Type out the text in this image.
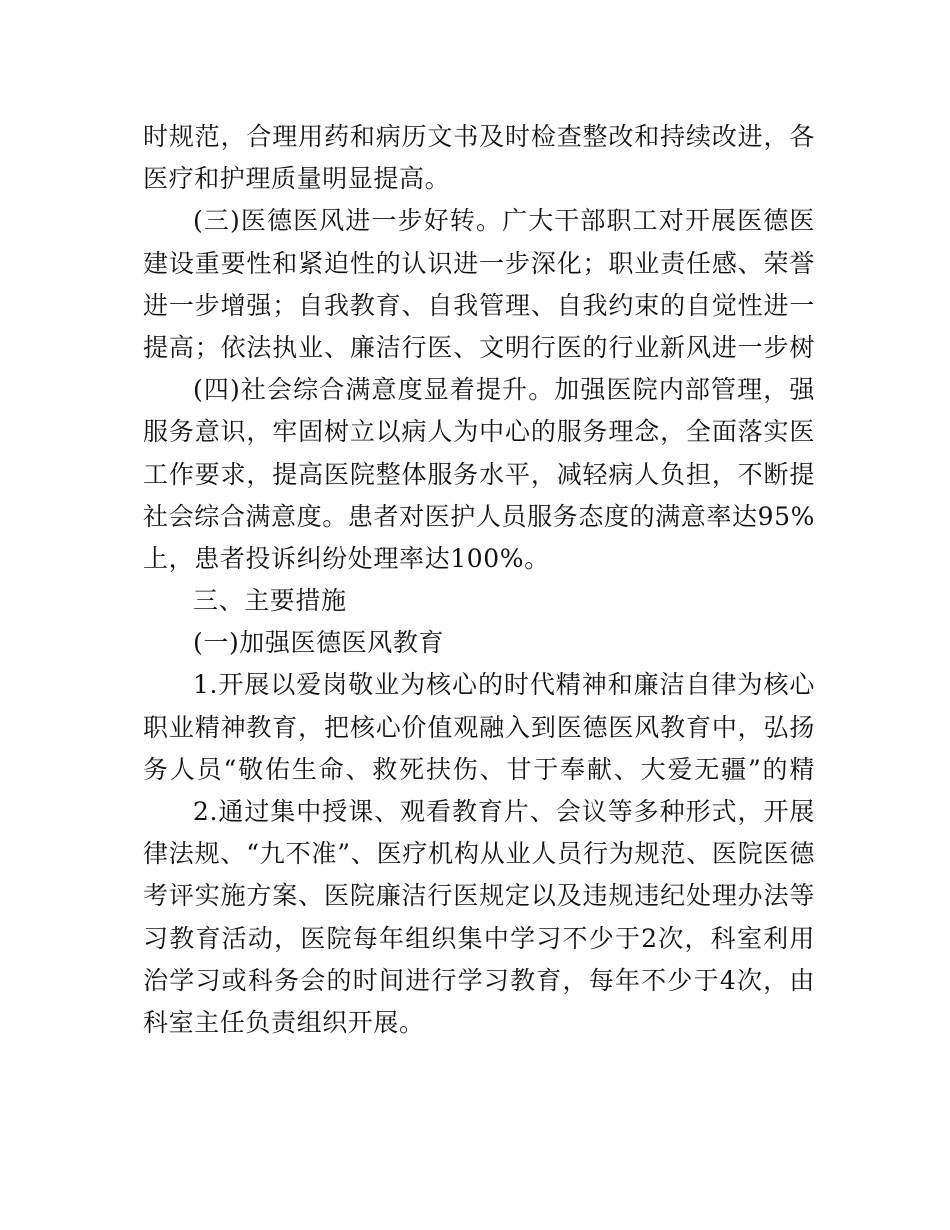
时规范，合理用药和病历文书及时检查整改和持续改进，各
医疗和护理质量明显提高。
(三)医德医风进一步好转。广大干部职工对开展医德医
建设重要性和紧迫性的认识进一步深化；职业责任感、荣誉
进一步增强；自我教育、自我管理、自我约束的自觉性进一
提高；依法执业、廉洁行医、文明行医的行业新风进一步树
(四)社会综合满意度显着提升。加强医院内部管理，强
服务意识，牢固树立以病人为中心的服务理念，全面落实医
工作要求，提高医院整体服务水平，减轻病人负担，不断提
社会综合满意度。患者对医护人员服务态度的满意率达95%
上，患者投诉纠纷处理率达100%。
三、主要措施
(一)加强医德医风教育
1.开展以爱岗敬业为核心的时代精神和廉洁自律为核心
职业精神教育，把核心价值观融入到医德医风教育中，弘扬
务人员“敬佑生命、救死扶伤、甘于奉献、大爱无疆”的精
2.通过集中授课、观看教育片、会议等多种形式，开展
律法规、“九不准”、医疗机构从业人员行为规范、医院医德
考评实施方案、医院廉洁行医规定以及违规违纪处理办法等
习教育活动，医院每年组织集中学习不少于2次，科室利用
治学习或科务会的时间进行学习教育，每年不少于4次，由
科室主任负责组织开展。
